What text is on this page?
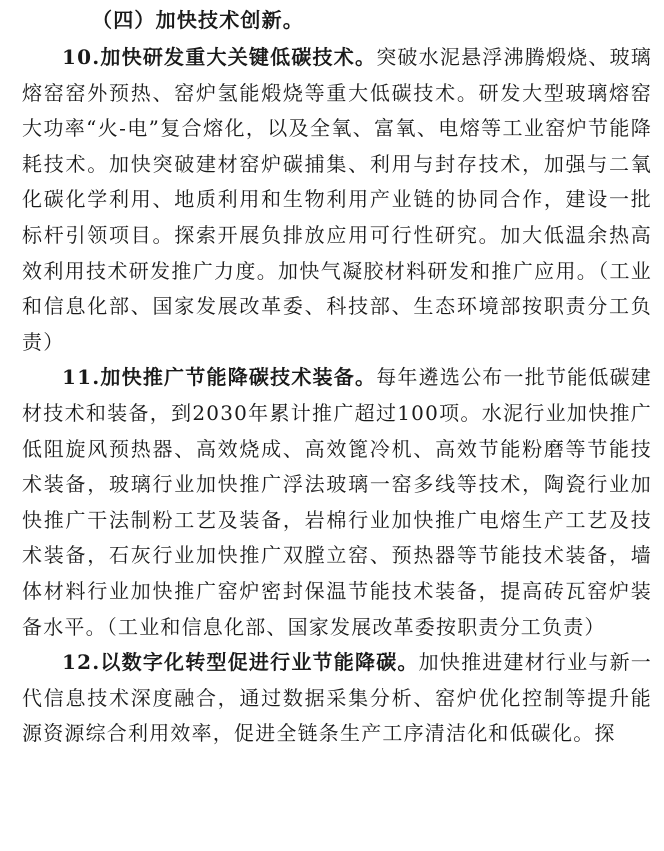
（四）加快技术创新。

10.加快研发重大关键低碳技术。突破水泥悬浮沸腾煅烧、玻璃熔窑窑外预热、窑炉氢能煅烧等重大低碳技术。研发大型玻璃熔窑大功率“火-电”复合熔化，以及全氧、富氧、电熔等工业窑炉节能降耗技术。加快突破建材窑炉碳捕集、利用与封存技术，加强与二氧化碳化学利用、地质利用和生物利用产业链的协同合作，建设一批标杆引领项目。探索开展负排放应用可行性研究。加大低温余热高效利用技术研发推广力度。加快气凝胶材料研发和推广应用。（工业和信息化部、国家发展改革委、科技部、生态环境部按职责分工负责）

11.加快推广节能降碳技术装备。每年遴选公布一批节能低碳建材技术和装备，到2030年累计推广超过100项。水泥行业加快推广低阻旋风预热器、高效烧成、高效篦冷机、高效节能粉磨等节能技术装备，玻璃行业加快推广浮法玻璃一窑多线等技术，陶瓷行业加快推广干法制粉工艺及装备，岩棉行业加快推广电熔生产工艺及技术装备，石灰行业加快推广双膛立窑、预热器等节能技术装备，墙体材料行业加快推广窑炉密封保温节能技术装备，提高砖瓦窑炉装备水平。（工业和信息化部、国家发展改革委按职责分工负责）

12.以数字化转型促进行业节能降碳。加快推进建材行业与新一代信息技术深度融合，通过数据采集分析、窑炉优化控制等提升能源资源综合利用效率，促进全链条生产工序清洁化和低碳化。探
